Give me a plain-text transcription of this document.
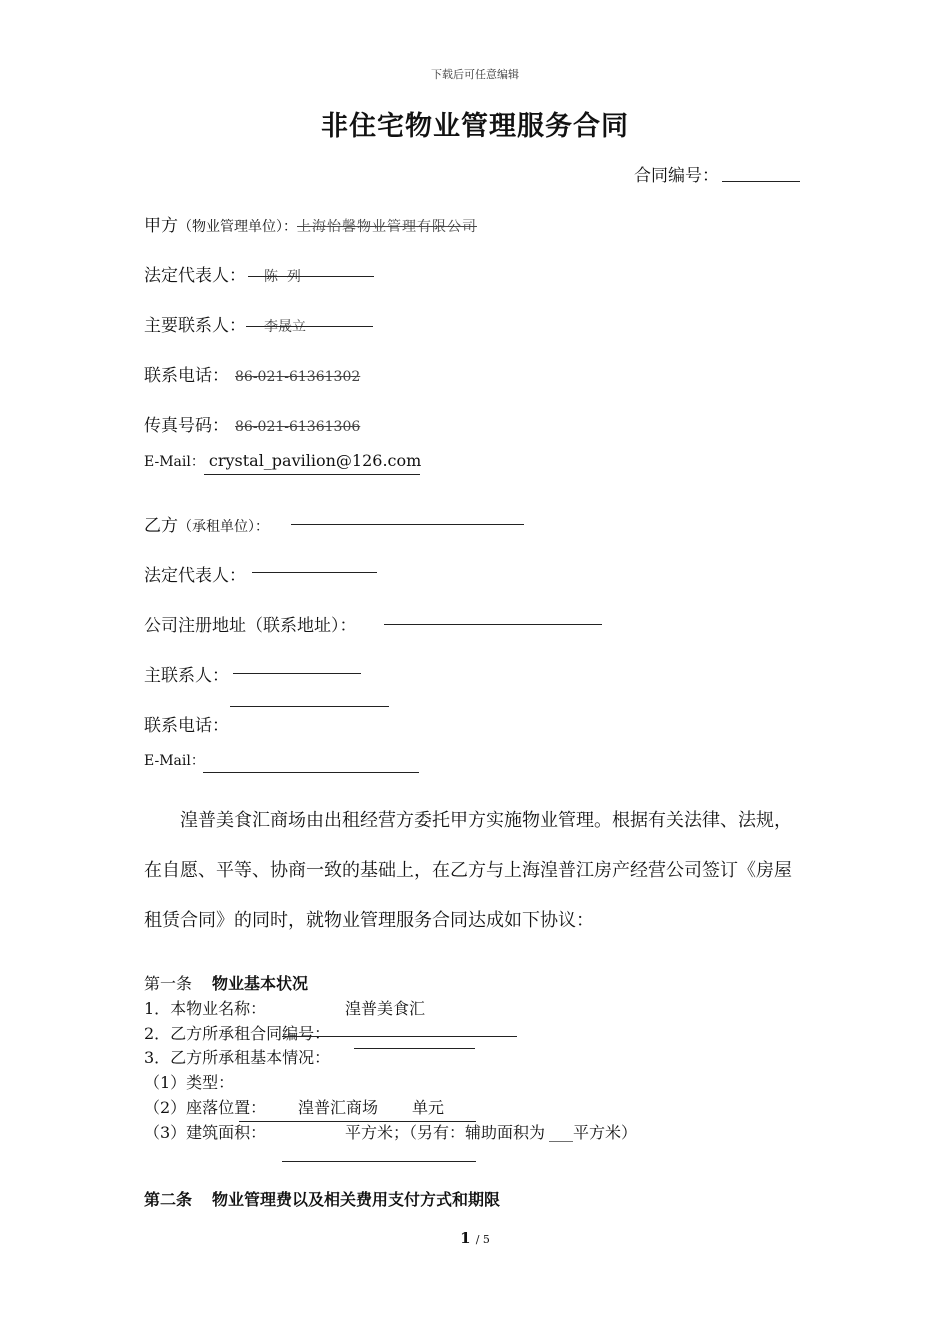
下载后可任意编辑
非住宅物业管理服务合同
合同编号：
甲方（物业管理单位）：上海怡馨物业管理有限公司
法定代表人： 陈  列
主要联系人： 李晟立
联系电话： 86-021-61361302
传真号码： 86-021-61361306
E-Mail： crystal_pavilion@126.com
乙方（承租单位）：
法定代表人：
公司注册地址（联系地址）：
主联系人：
联系电话：
E-Mail：
湟普美食汇商场由出租经营方委托甲方实施物业管理。根据有关法律、法规，在自愿、平等、协商一致的基础上，在乙方与上海湟普江房产经营公司签订《房屋租赁合同》的同时，就物业管理服务合同达成如下协议：
第一条 物业基本状况
1．本物业名称：	湟普美食汇
2．乙方所承租合同编号：
3．乙方所承租基本情况：
（1）类型：
（2）座落位置： 湟普汇商场 单元
（3）建筑面积：	平方米；（另有：辅助面积为 ___平方米）
第二条 物业管理费以及相关费用支付方式和期限
1 / 5
